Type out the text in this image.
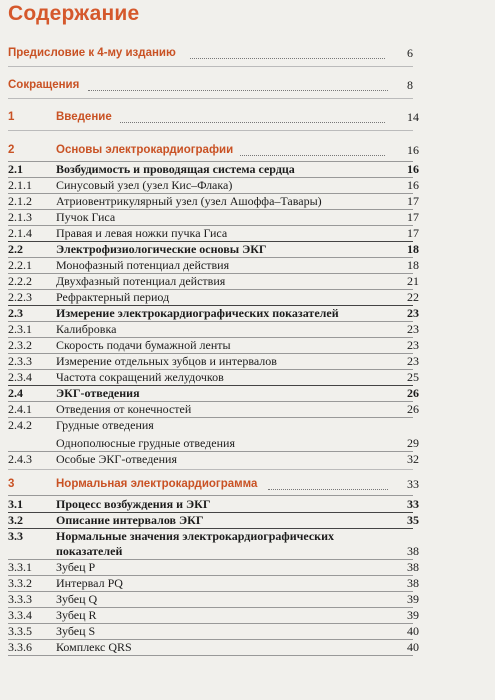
Содержание
Предисловие к 4-му изданию	6
Сокращения	8
1	Введение	14
2	Основы электрокардиографии	16
2.1	Возбудимость и проводящая система сердца	16
2.1.1 Синусовый узел (узел Кис–Флака)	16
2.1.2 Атриовентрикулярный узел (узел Ашоффа–Тавары)	17
2.1.3 Пучок Гиса	17
2.1.4 Правая и левая ножки пучка Гиса	17
2.2	Электрофизиологические основы ЭКГ	18
2.2.1 Монофазный потенциал действия	18
2.2.2 Двухфазный потенциал действия	21
2.2.3 Рефрактерный период	22
2.3	Измерение электрокардиографических показателей	23
2.3.1 Калибровка	23
2.3.2 Скорость подачи бумажной ленты	23
2.3.3 Измерение отдельных зубцов и интервалов	23
2.3.4 Частота сокращений желудочков	25
2.4	ЭКГ-отведения	26
2.4.1 Отведения от конечностей	26
2.4.2 Грудные отведения
Однополюсные грудные отведения	29
2.4.3 Особые ЭКГ-отведения	32
3	Нормальная электрокардиограмма	33
3.1	Процесс возбуждения и ЭКГ	33
3.2	Описание интервалов ЭКГ	35
3.3	Нормальные значения электрокардиографических
показателей	38
3.3.1 Зубец P	38
3.3.2 Интервал PQ	38
3.3.3 Зубец Q	39
3.3.4 Зубец R	39
3.3.5 Зубец S	40
3.3.6 Комплекс QRS	40
